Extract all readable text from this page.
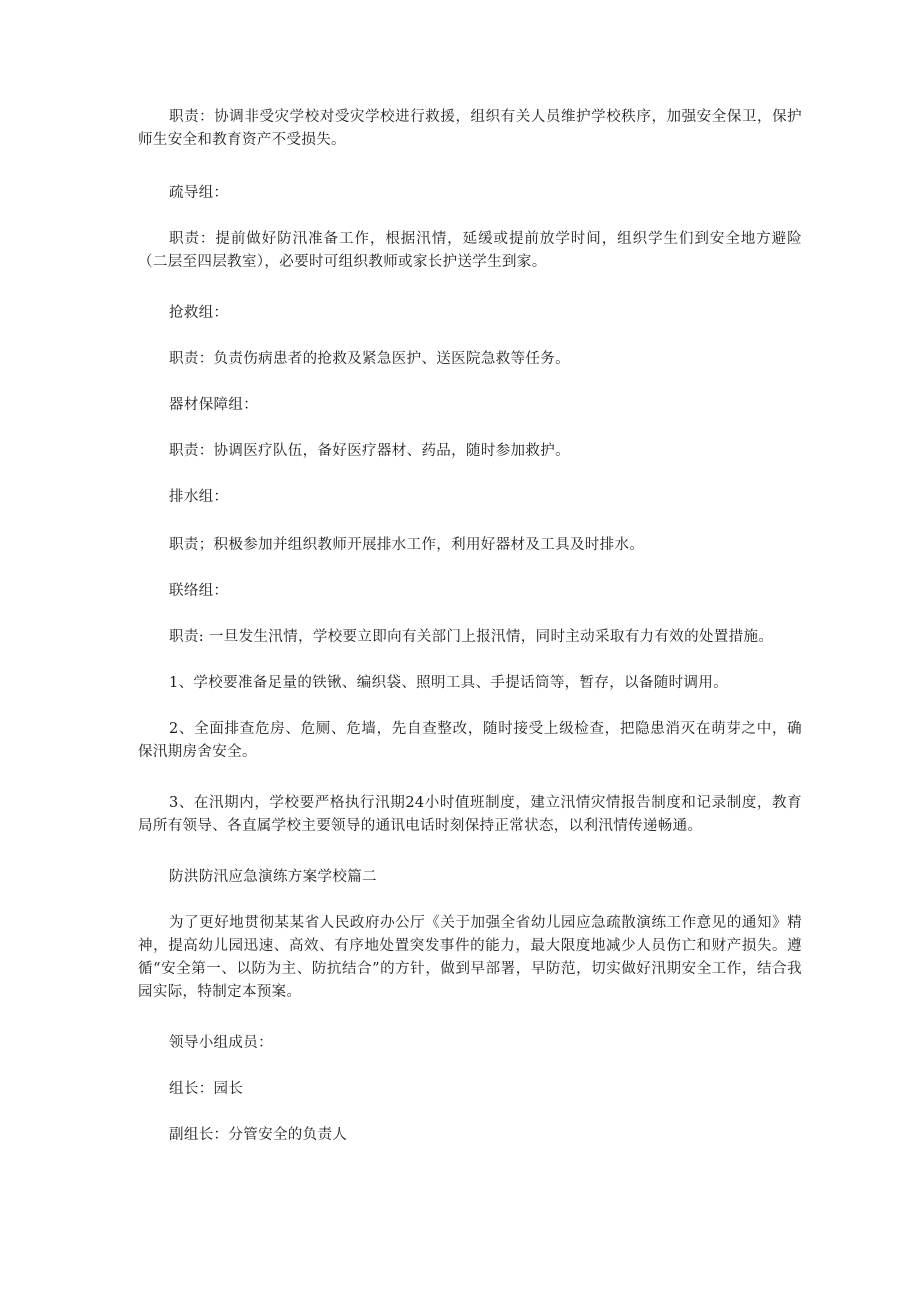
职责：协调非受灾学校对受灾学校进行救援，组织有关人员维护学校秩序，加强安全保卫，保护师生安全和教育资产不受损失。

疏导组：

职责：提前做好防汛准备工作，根据汛情，延缓或提前放学时间，组织学生们到安全地方避险（二层至四层教室），必要时可组织教师或家长护送学生到家。

抢救组：

职责：负责伤病患者的抢救及紧急医护、送医院急救等任务。

器材保障组：

职责：协调医疗队伍，备好医疗器材、药品，随时参加救护。

排水组：

职责；积极参加并组织教师开展排水工作，利用好器材及工具及时排水。

联络组：

职责: 一旦发生汛情，学校要立即向有关部门上报汛情，同时主动采取有力有效的处置措施。

1、学校要准备足量的铁锹、编织袋、照明工具、手提话筒等，暂存，以备随时调用。

2、全面排查危房、危厕、危墙，先自查整改，随时接受上级检查，把隐患消灭在萌芽之中，确保汛期房舍安全。

3、在汛期内，学校要严格执行汛期24小时值班制度，建立汛情灾情报告制度和记录制度，教育局所有领导、各直属学校主要领导的通讯电话时刻保持正常状态，以利汛情传递畅通。

防洪防汛应急演练方案学校篇二

为了更好地贯彻某某省人民政府办公厅《关于加强全省幼儿园应急疏散演练工作意见的通知》精神，提高幼儿园迅速、高效、有序地处置突发事件的能力，最大限度地减少人员伤亡和财产损失。遵循“安全第一、以防为主、防抗结合”的方针，做到早部署，早防范，切实做好汛期安全工作，结合我园实际，特制定本预案。

领导小组成员：

组长：园长

副组长：分管安全的负责人
